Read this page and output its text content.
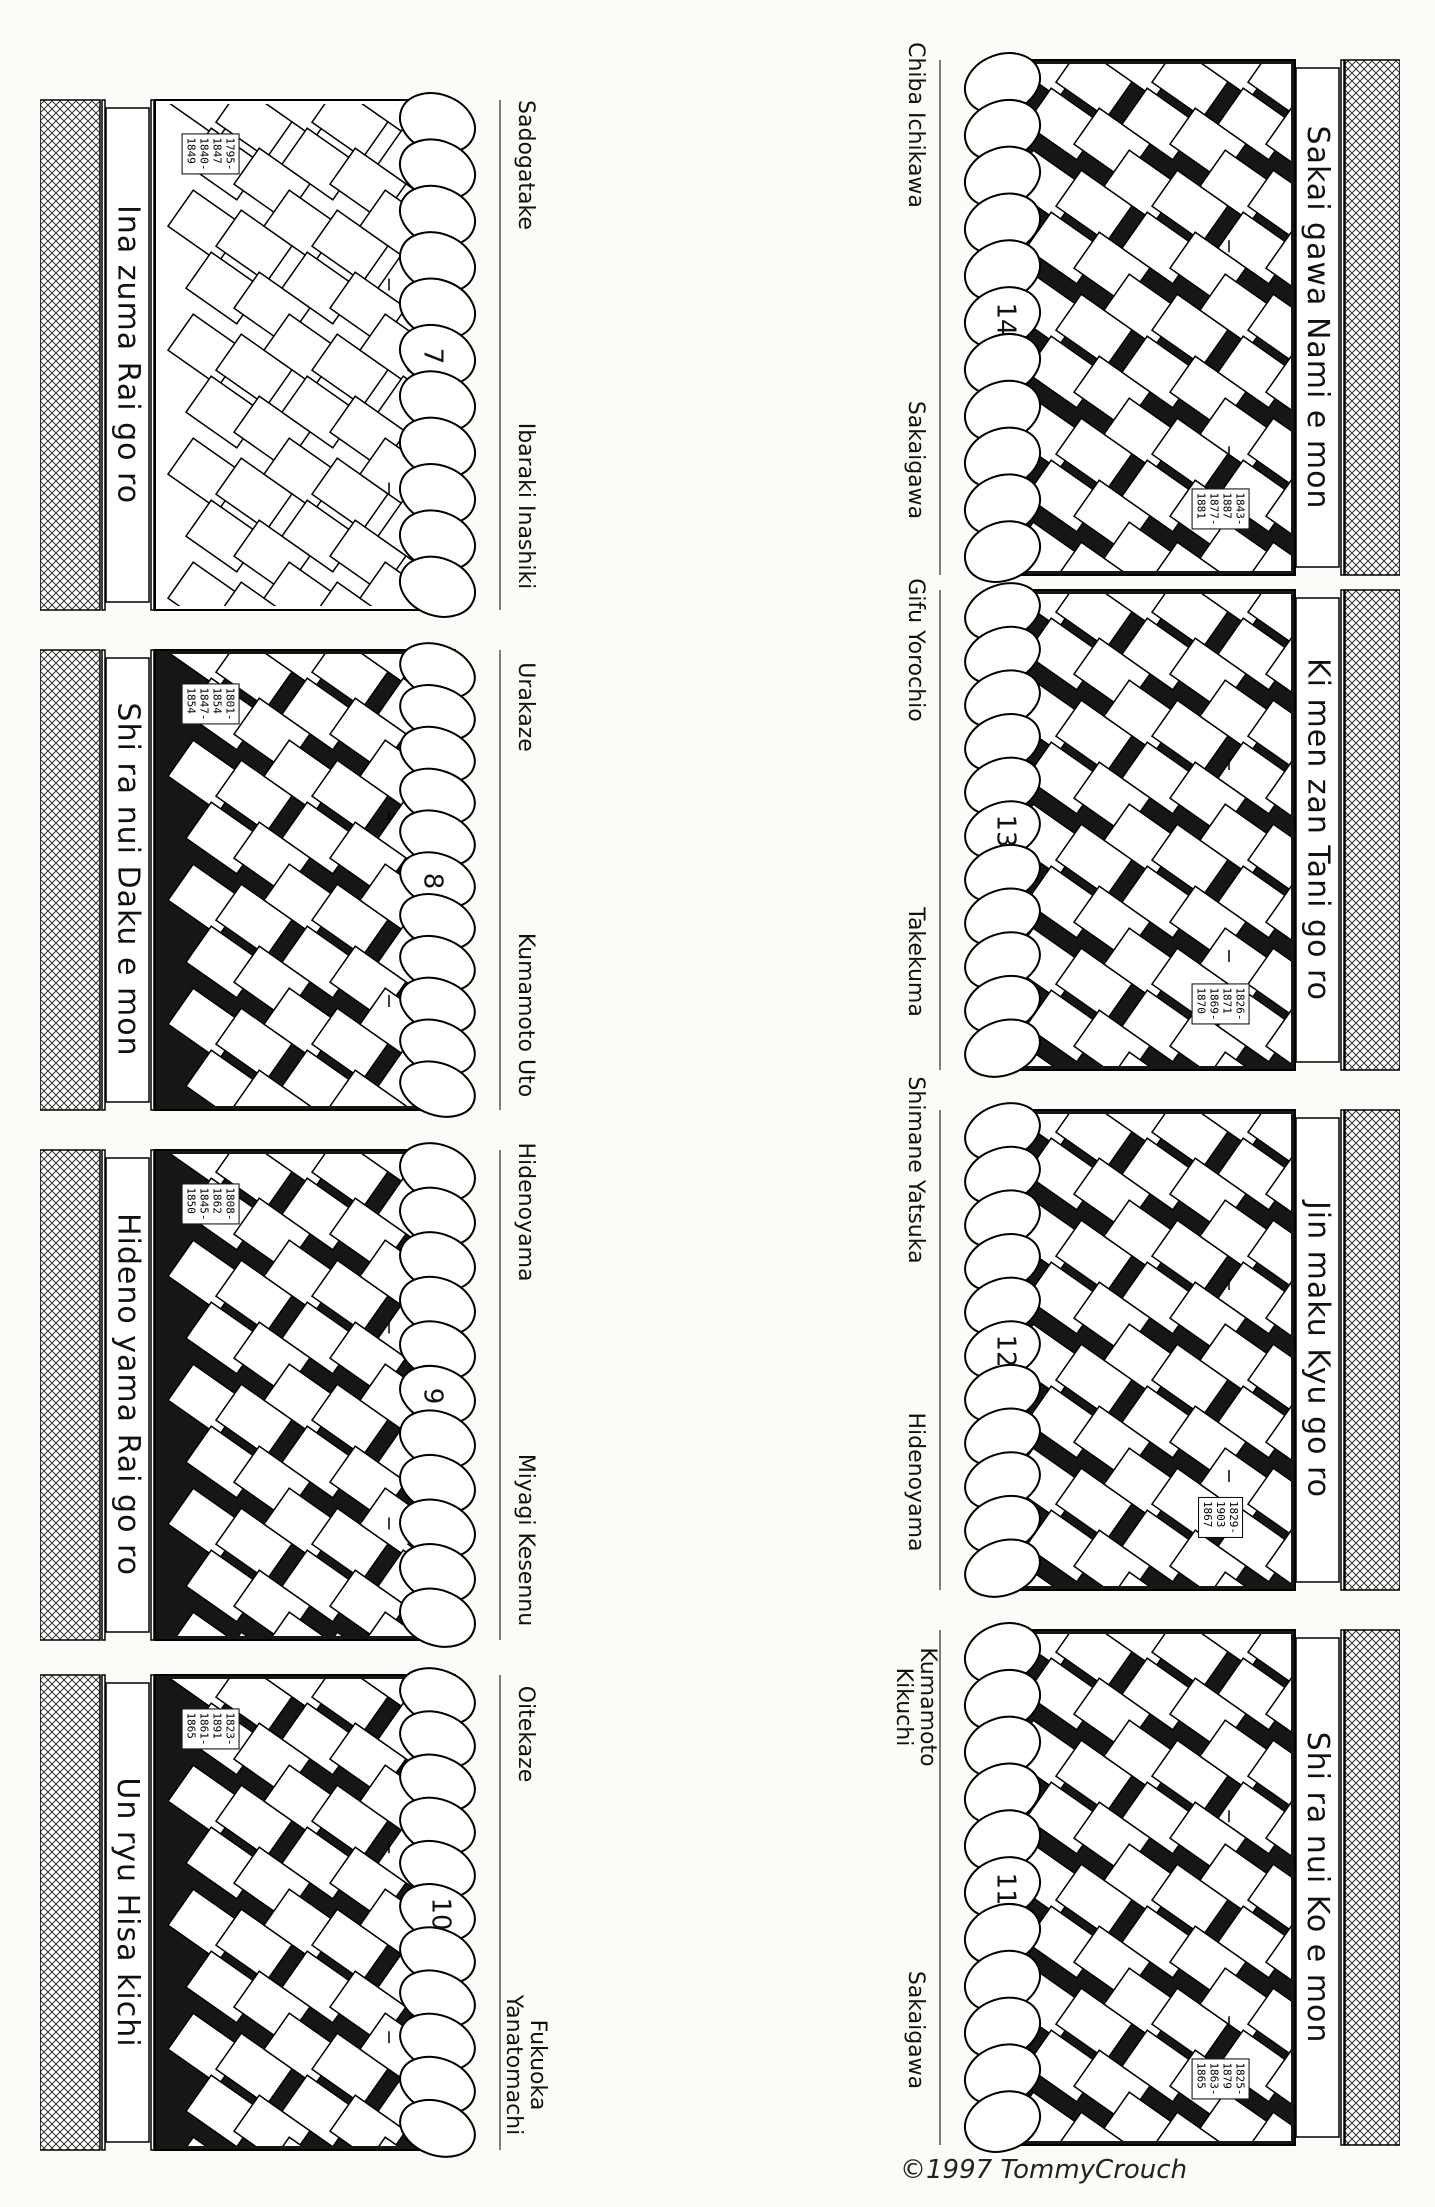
Ina zuma Rai go ro	7
Sadogatake
Ibaraki Inashiki
1795-
1847
1840-
1849
Shi ra nui Daku e mon	8
Urakaze
Kumamoto Uto
1801-
1854
1847-
1854
Hideno yama Rai go ro	9
Hidenoyama
Miyagi Kesennu
1808-
1862
1845-
1850
Un ryu Hisa kichi	10
Oitekaze
Fukuoka Yanatomachi
1823-
1891
1861-
1865
Sakai gawa Nami e mon
14
Chiba Ichikawa
Sakaigawa	1843-
1887
1877-
1881
Ki men zan Tani go ro
13
Gifu Yorochio
Takekuma	1826-
1871
1869-
1870
Jin maku Kyu go ro
12
Shimane Yatsuka
Hidenoyama	1829-
1903
1867
Shi ra nui Ko e mon
11
Kumamoto Kikuchi
Sakaigawa	1825-
1879
1863-
1865
©1997 TommyCrouch
